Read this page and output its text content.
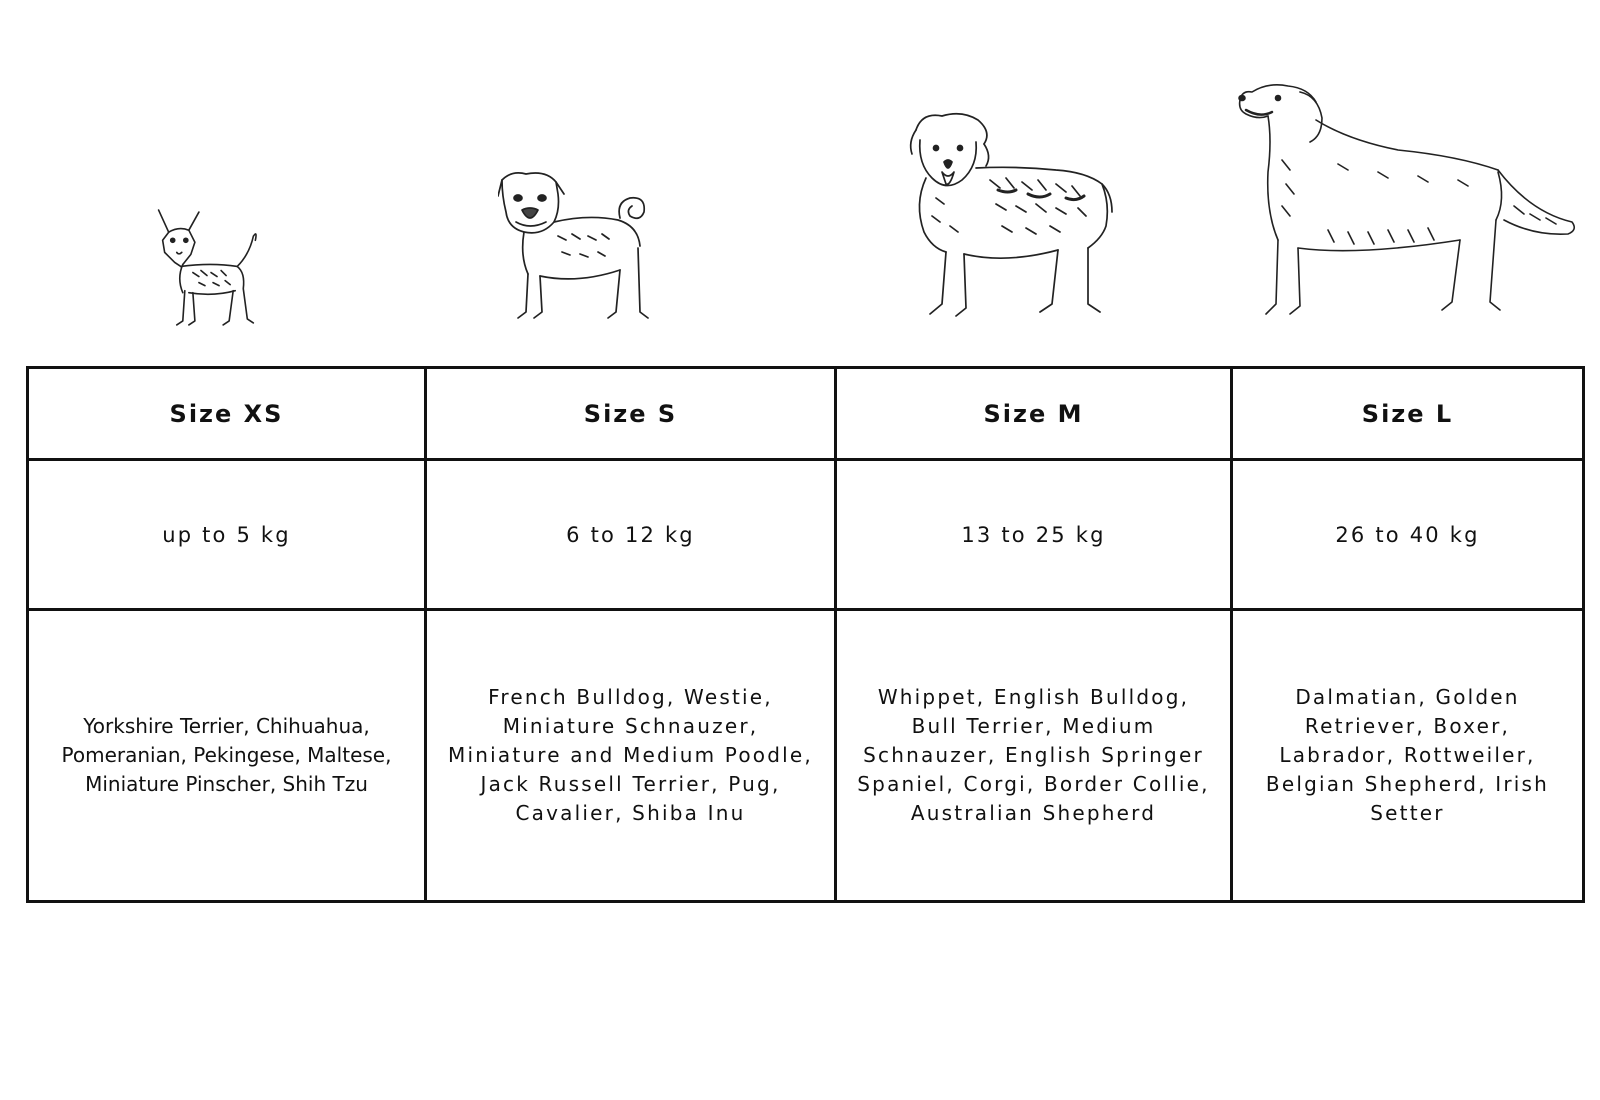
Size XS	Size S	Size M	Size L
up to 5 kg	6 to 12 kg	13 to 25 kg	26 to 40 kg

Yorkshire Terrier, Chihuahua, Pomeranian, Pekingese, Maltese, Miniature Pinscher, Shih Tzu	French Bulldog, Westie, Miniature Schnauzer, Miniature and Medium Poodle, Jack Russell Terrier, Pug, Cavalier, Shiba Inu	Whippet, English Bulldog, Bull Terrier, Medium Schnauzer, English Springer Spaniel, Corgi, Border Collie, Australian Shepherd	Dalmatian, Golden Retriever, Boxer, Labrador, Rottweiler, Belgian Shepherd, Irish Setter
